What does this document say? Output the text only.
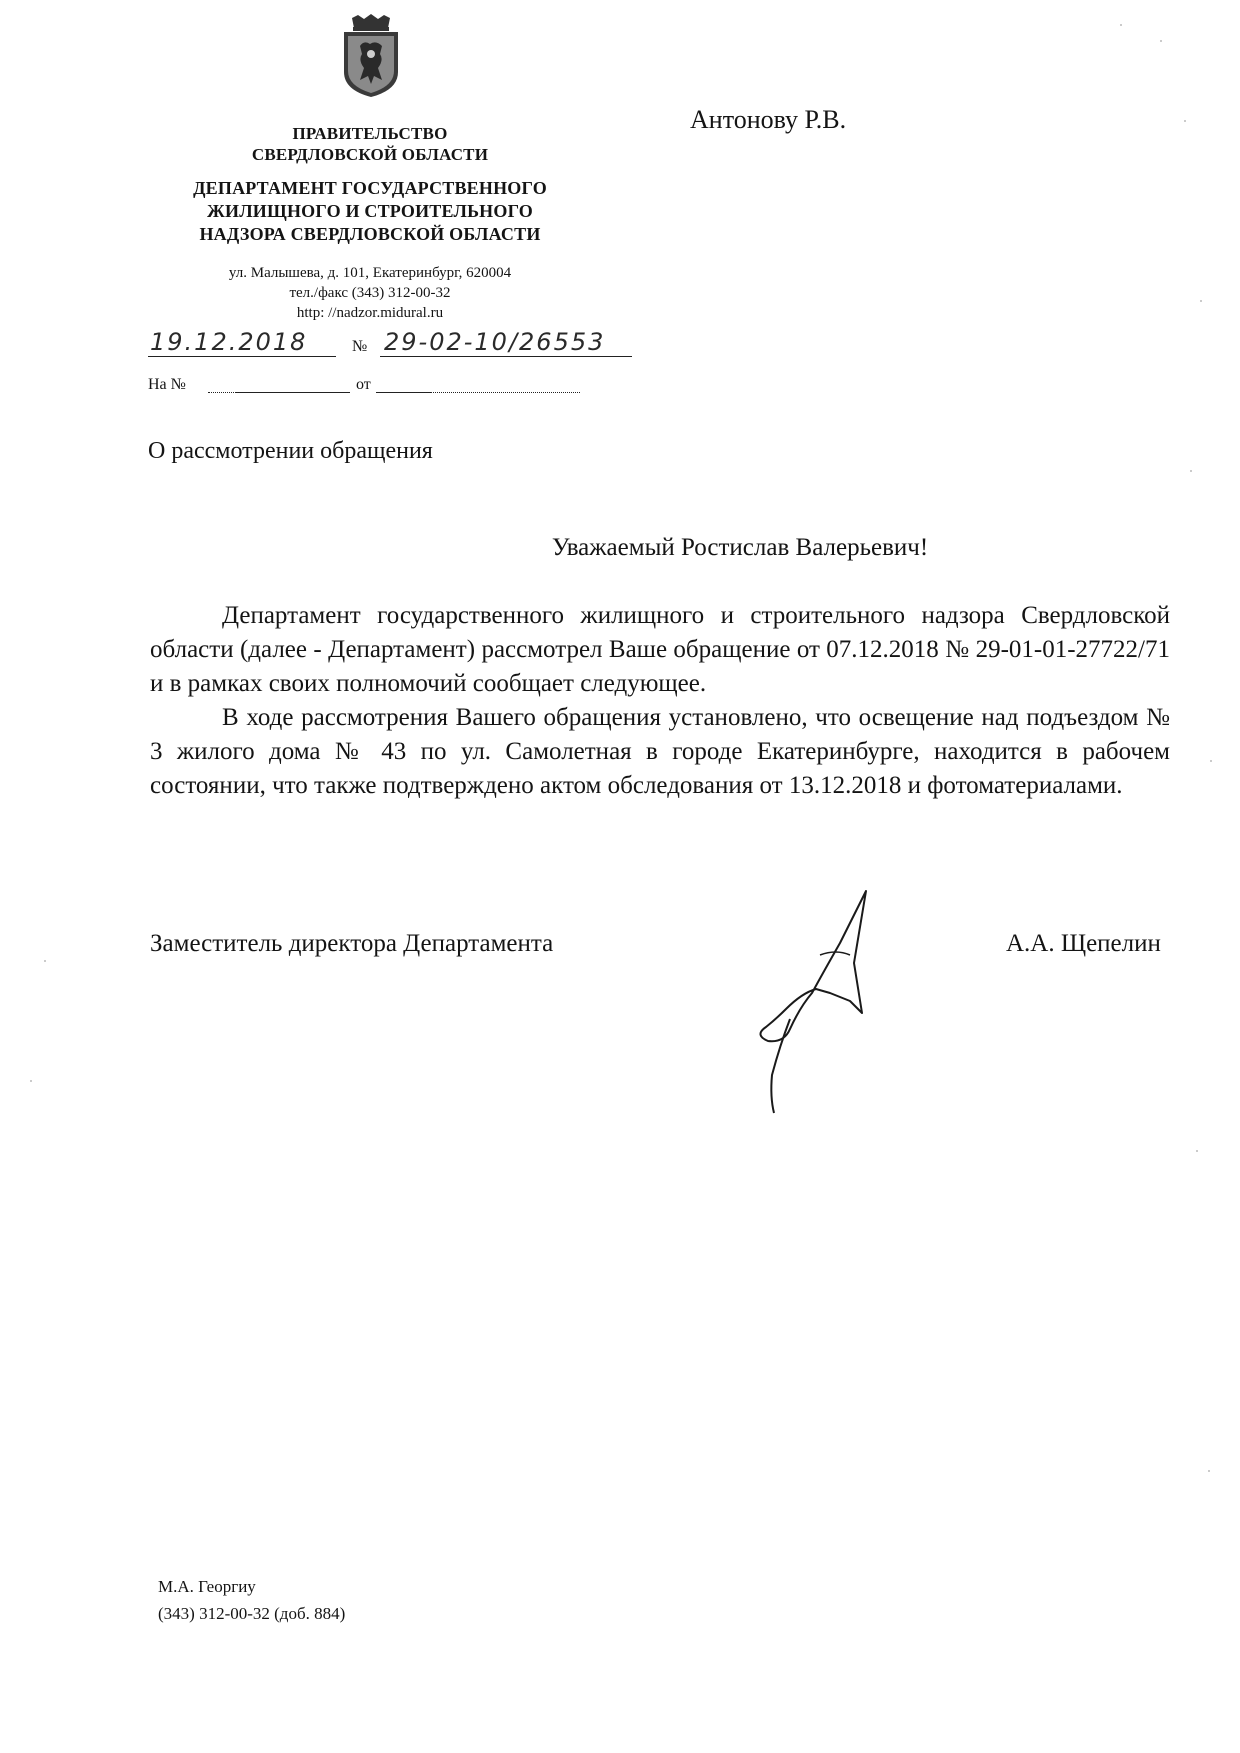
ПРАВИТЕЛЬСТВО
СВЕРДЛОВСКОЙ ОБЛАСТИ
ДЕПАРТАМЕНТ ГОСУДАРСТВЕННОГО
ЖИЛИЩНОГО И СТРОИТЕЛЬНОГО
НАДЗОРА СВЕРДЛОВСКОЙ ОБЛАСТИ
ул. Малышева, д. 101, Екатеринбург, 620004
тел./факс (343) 312-00-32
http: //nadzor.midural.ru
19.12.2018	№ 29-02-10/26553
На №	от
Антонову Р.В.
О рассмотрении обращения
Уважаемый Ростислав Валерьевич!

Департамент государственного жилищного и строительного надзора Свердловской области (далее - Департамент) рассмотрел Ваше обращение от 07.12.2018 № 29-01-01-27722/71 и в рамках своих полномочий сообщает следующее.

В ходе рассмотрения Вашего обращения установлено, что освещение над подъездом № 3 жилого дома № 43 по ул. Самолетная в городе Екатеринбурге, находится в рабочем состоянии, что также подтверждено актом обследования от 13.12.2018 и фотоматериалами.

Заместитель директора Департамента	А.А. Щепелин
М.А. Георгиу
(343) 312-00-32 (доб. 884)
